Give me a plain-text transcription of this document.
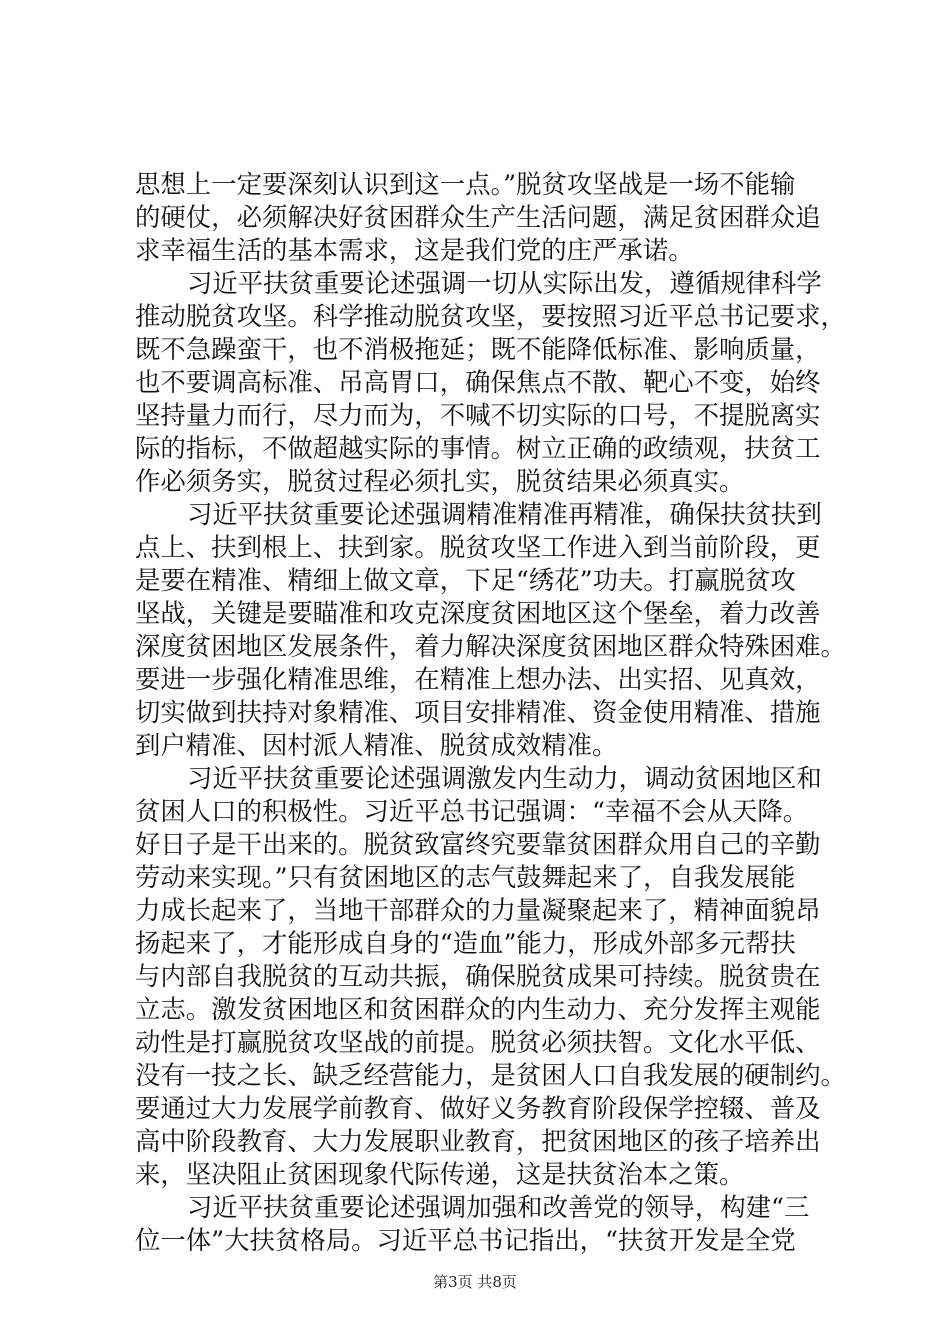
思想上一定要深刻认识到这一点。”脱贫攻坚战是一场不能输
的硬仗，必须解决好贫困群众生产生活问题，满足贫困群众追
求幸福生活的基本需求，这是我们党的庄严承诺。
习近平扶贫重要论述强调一切从实际出发，遵循规律科学
推动脱贫攻坚。科学推动脱贫攻坚，要按照习近平总书记要求，
既不急躁蛮干，也不消极拖延；既不能降低标准、影响质量，
也不要调高标准、吊高胃口，确保焦点不散、靶心不变，始终
坚持量力而行，尽力而为，不喊不切实际的口号，不提脱离实
际的指标，不做超越实际的事情。树立正确的政绩观，扶贫工
作必须务实，脱贫过程必须扎实，脱贫结果必须真实。
习近平扶贫重要论述强调精准精准再精准，确保扶贫扶到
点上、扶到根上、扶到家。脱贫攻坚工作进入到当前阶段，更
是要在精准、精细上做文章，下足“绣花”功夫。打赢脱贫攻
坚战，关键是要瞄准和攻克深度贫困地区这个堡垒，着力改善
深度贫困地区发展条件，着力解决深度贫困地区群众特殊困难。
要进一步强化精准思维，在精准上想办法、出实招、见真效，
切实做到扶持对象精准、项目安排精准、资金使用精准、措施
到户精准、因村派人精准、脱贫成效精准。
习近平扶贫重要论述强调激发内生动力，调动贫困地区和
贫困人口的积极性。习近平总书记强调：“幸福不会从天降。
好日子是干出来的。脱贫致富终究要靠贫困群众用自己的辛勤
劳动来实现。”只有贫困地区的志气鼓舞起来了，自我发展能
力成长起来了，当地干部群众的力量凝聚起来了，精神面貌昂
扬起来了，才能形成自身的“造血”能力，形成外部多元帮扶
与内部自我脱贫的互动共振，确保脱贫成果可持续。脱贫贵在
立志。激发贫困地区和贫困群众的内生动力、充分发挥主观能
动性是打赢脱贫攻坚战的前提。脱贫必须扶智。文化水平低、
没有一技之长、缺乏经营能力，是贫困人口自我发展的硬制约。
要通过大力发展学前教育、做好义务教育阶段保学控辍、普及
高中阶段教育、大力发展职业教育，把贫困地区的孩子培养出
来，坚决阻止贫困现象代际传递，这是扶贫治本之策。
习近平扶贫重要论述强调加强和改善党的领导，构建“三
位一体”大扶贫格局。习近平总书记指出，“扶贫开发是全党
第3页 共8页
